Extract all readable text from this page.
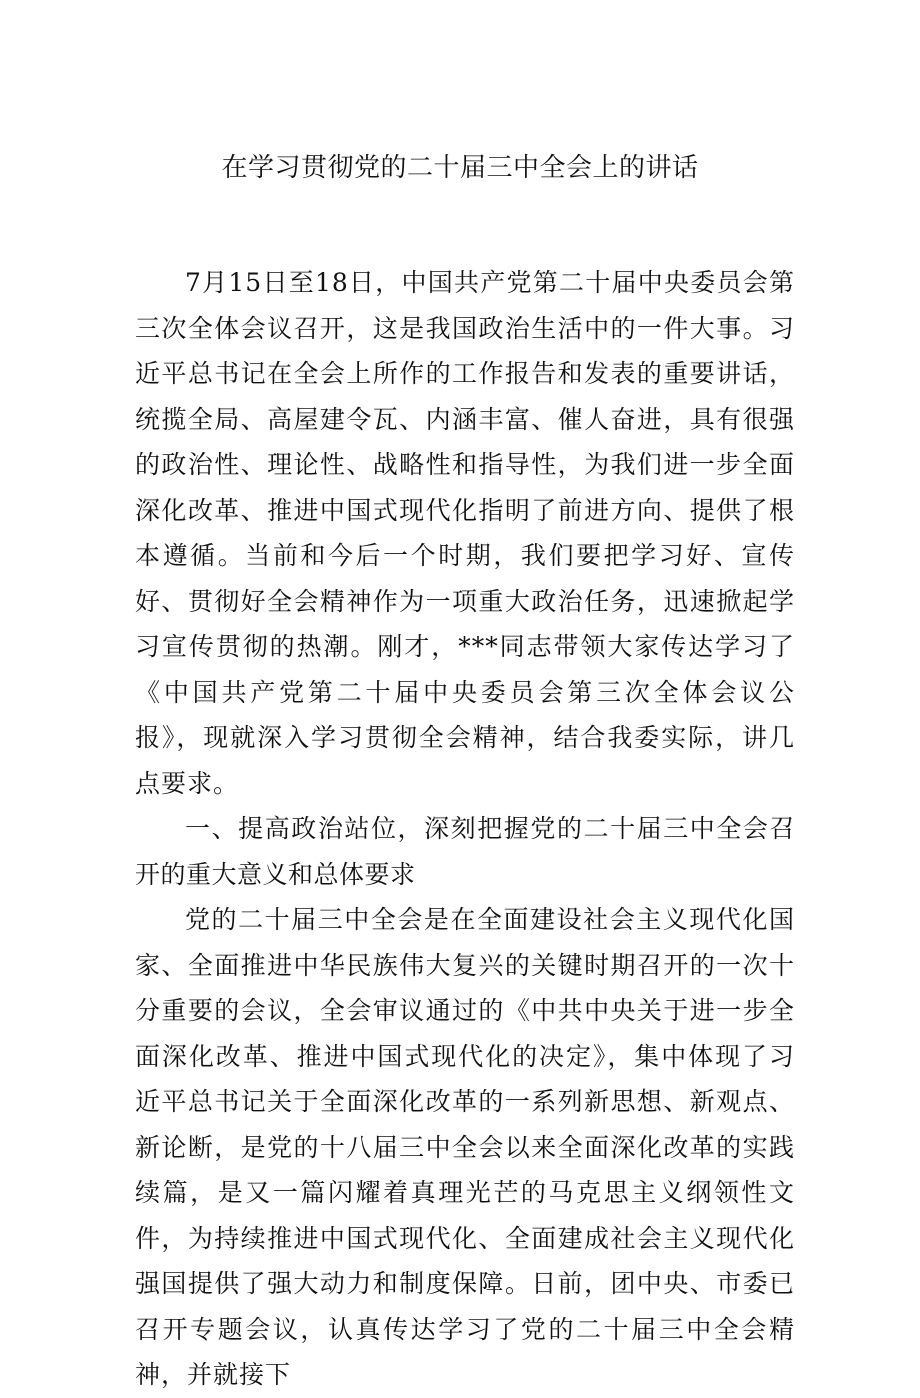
在学习贯彻党的二十届三中全会上的讲话

7月15日至18日，中国共产党第二十届中央委员会第三次全体会议召开，这是我国政治生活中的一件大事。习近平总书记在全会上所作的工作报告和发表的重要讲话，统揽全局、高屋建令瓦、内涵丰富、催人奋进，具有很强的政治性、理论性、战略性和指导性，为我们进一步全面深化改革、推进中国式现代化指明了前进方向、提供了根本遵循。当前和今后一个时期，我们要把学习好、宣传好、贯彻好全会精神作为一项重大政治任务，迅速掀起学习宣传贯彻的热潮。刚才，***同志带领大家传达学习了《中国共产党第二十届中央委员会第三次全体会议公报》，现就深入学习贯彻全会精神，结合我委实际，讲几点要求。

一、提高政治站位，深刻把握党的二十届三中全会召开的重大意义和总体要求

党的二十届三中全会是在全面建设社会主义现代化国家、全面推进中华民族伟大复兴的关键时期召开的一次十分重要的会议，全会审议通过的《中共中央关于进一步全面深化改革、推进中国式现代化的决定》，集中体现了习近平总书记关于全面深化改革的一系列新思想、新观点、新论断，是党的十八届三中全会以来全面深化改革的实践续篇，是又一篇闪耀着真理光芒的马克思主义纲领性文件，为持续推进中国式现代化、全面建成社会主义现代化强国提供了强大动力和制度保障。日前，团中央、市委已召开专题会议，认真传达学习了党的二十届三中全会精神，并就接下
